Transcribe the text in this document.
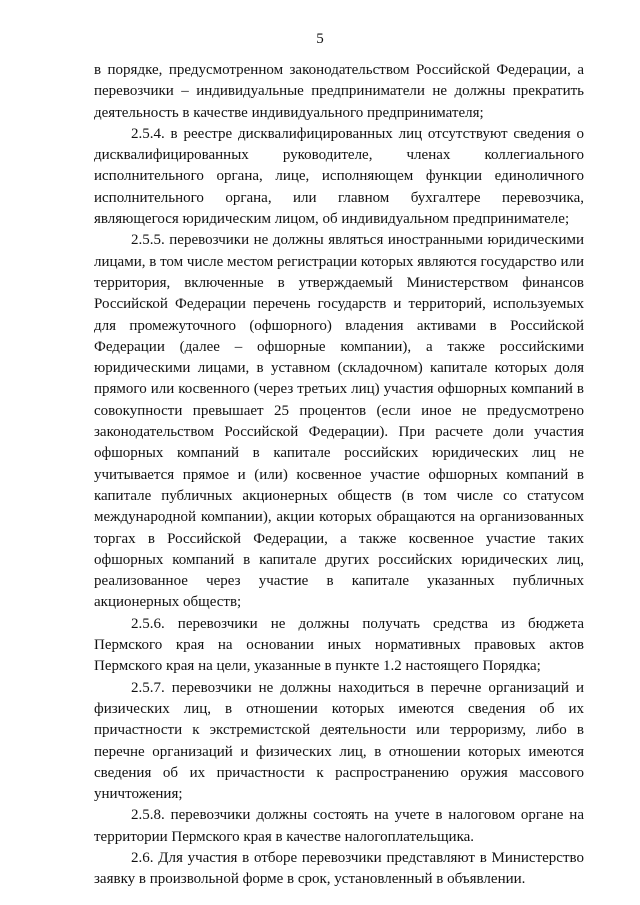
5

в порядке, предусмотренном законодательством Российской Федерации, а перевозчики – индивидуальные предприниматели не должны прекратить деятельность в качестве индивидуального предпринимателя;

2.5.4. в реестре дисквалифицированных лиц отсутствуют сведения о дисквалифицированных руководителе, членах коллегиального исполнительного органа, лице, исполняющем функции единоличного исполнительного органа, или главном бухгалтере перевозчика, являющегося юридическим лицом, об индивидуальном предпринимателе;

2.5.5. перевозчики не должны являться иностранными юридическими лицами, в том числе местом регистрации которых являются государство или территория, включенные в утверждаемый Министерством финансов Российской Федерации перечень государств и территорий, используемых для промежуточного (офшорного) владения активами в Российской Федерации (далее – офшорные компании), а также российскими юридическими лицами, в уставном (складочном) капитале которых доля прямого или косвенного (через третьих лиц) участия офшорных компаний в совокупности превышает 25 процентов (если иное не предусмотрено законодательством Российской Федерации). При расчете доли участия офшорных компаний в капитале российских юридических лиц не учитывается прямое и (или) косвенное участие офшорных компаний в капитале публичных акционерных обществ (в том числе со статусом международной компании), акции которых обращаются на организованных торгах в Российской Федерации, а также косвенное участие таких офшорных компаний в капитале других российских юридических лиц, реализованное через участие в капитале указанных публичных акционерных обществ;

2.5.6. перевозчики не должны получать средства из бюджета Пермского края на основании иных нормативных правовых актов Пермского края на цели, указанные в пункте 1.2 настоящего Порядка;

2.5.7. перевозчики не должны находиться в перечне организаций и физических лиц, в отношении которых имеются сведения об их причастности к экстремистской деятельности или терроризму, либо в перечне организаций и физических лиц, в отношении которых имеются сведения об их причастности к распространению оружия массового уничтожения;

2.5.8. перевозчики должны состоять на учете в налоговом органе на территории Пермского края в качестве налогоплательщика.

2.6. Для участия в отборе перевозчики представляют в Министерство заявку в произвольной форме в срок, установленный в объявлении.
